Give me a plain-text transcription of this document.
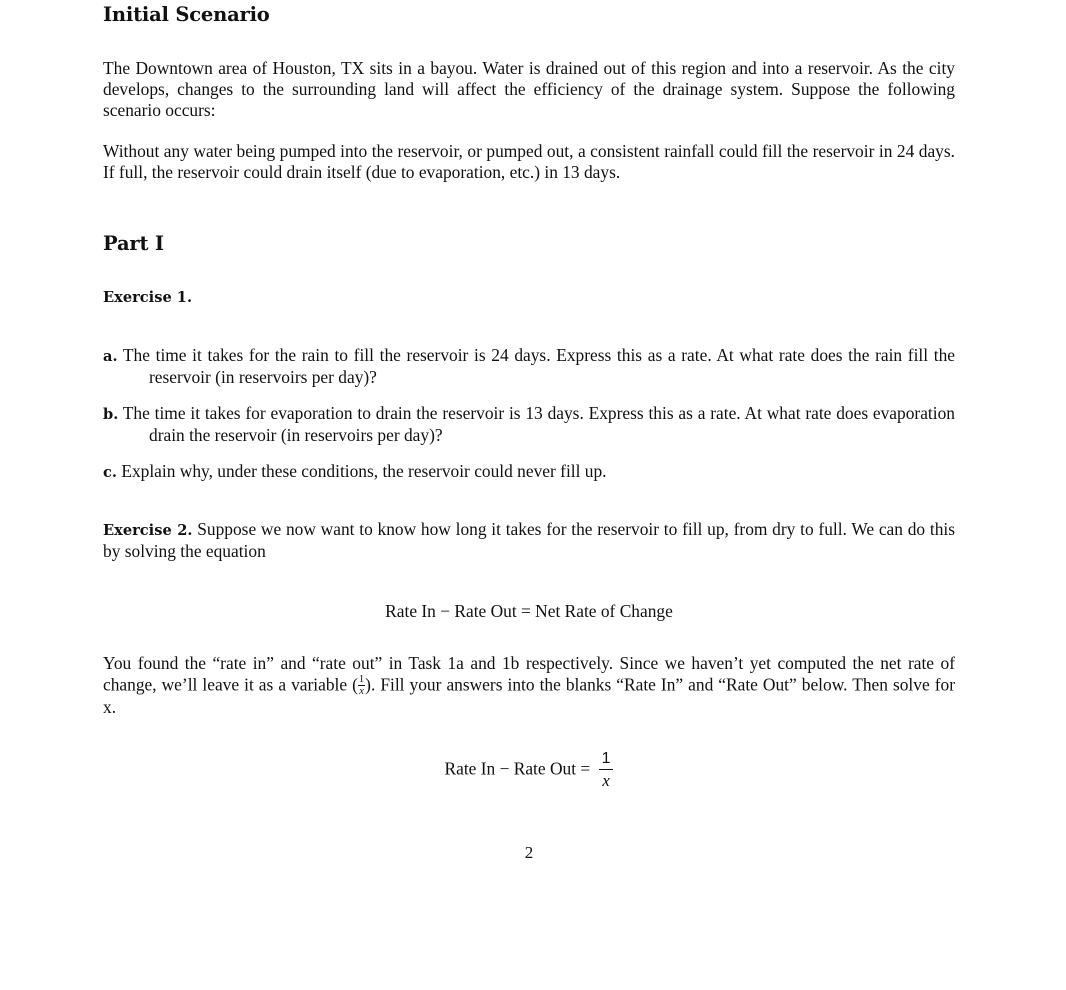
Initial Scenario

The Downtown area of Houston, TX sits in a bayou. Water is drained out of this region and into a reservoir. As the city develops, changes to the surrounding land will affect the efficiency of the drainage system. Suppose the following scenario occurs:

Without any water being pumped into the reservoir, or pumped out, a consistent rainfall could fill the reservoir in 24 days. If full, the reservoir could drain itself (due to evaporation, etc.) in 13 days.

Part I
Exercise 1.
a. The time it takes for the rain to fill the reservoir is 24 days. Express this as a rate. At what rate does the rain fill the reservoir (in reservoirs per day)?
b. The time it takes for evaporation to drain the reservoir is 13 days. Express this as a rate. At what rate does evaporation drain the reservoir (in reservoirs per day)?
c. Explain why, under these conditions, the reservoir could never fill up.

Exercise 2. Suppose we now want to know how long it takes for the reservoir to fill up, from dry to full. We can do this by solving the equation

Rate In − Rate Out = Net Rate of Change

You found the “rate in” and “rate out” in Task 1a and 1b respectively. Since we haven’t yet computed the net rate of change, we’ll leave it as a variable ( $\frac{1}{x}$ ). Fill your answers into the blanks “Rate In” and “Rate Out” below. Then solve for x.

Rate In − Rate Out = $\frac{1}{x}$
2
